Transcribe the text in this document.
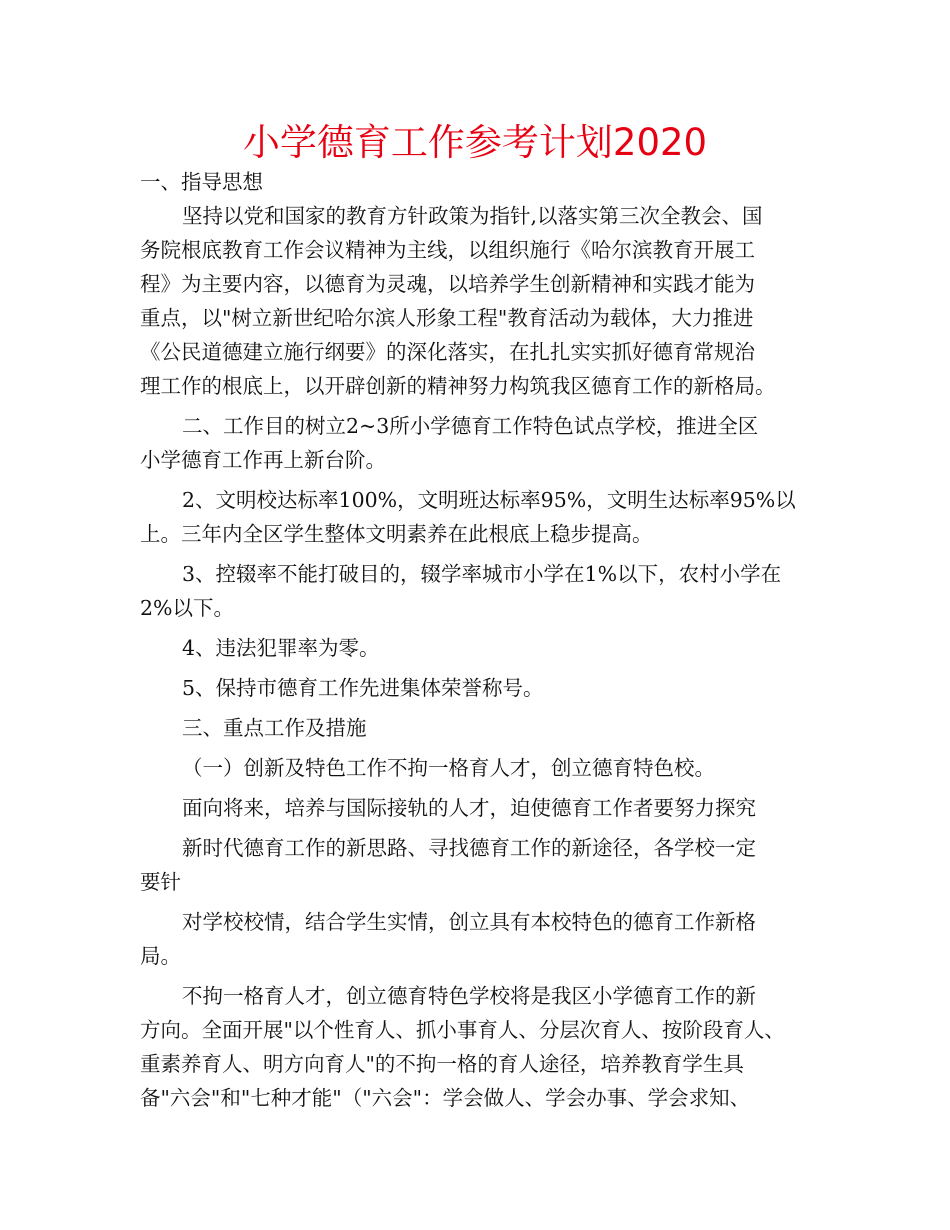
小学德育工作参考计划2020
一、指导思想
坚持以党和国家的教育方针政策为指针,以落实第三次全教会、国
务院根底教育工作会议精神为主线，以组织施行《哈尔滨教育开展工
程》为主要内容，以德育为灵魂，以培养学生创新精神和实践才能为
重点，以"树立新世纪哈尔滨人形象工程"教育活动为载体，大力推进
《公民道德建立施行纲要》的深化落实，在扎扎实实抓好德育常规治
理工作的根底上，以开辟创新的精神努力构筑我区德育工作的新格局。
二、工作目的树立2~3所小学德育工作特色试点学校，推进全区
小学德育工作再上新台阶。
2、文明校达标率100%，文明班达标率95%，文明生达标率95%以
上。三年内全区学生整体文明素养在此根底上稳步提高。
3、控辍率不能打破目的，辍学率城市小学在1%以下，农村小学在
2%以下。
4、违法犯罪率为零。
5、保持市德育工作先进集体荣誉称号。
三、重点工作及措施
（一）创新及特色工作不拘一格育人才，创立德育特色校。
面向将来，培养与国际接轨的人才，迫使德育工作者要努力探究
新时代德育工作的新思路、寻找德育工作的新途径，各学校一定
要针
对学校校情，结合学生实情，创立具有本校特色的德育工作新格
局。
不拘一格育人才，创立德育特色学校将是我区小学德育工作的新
方向。全面开展"以个性育人、抓小事育人、分层次育人、按阶段育人、
重素养育人、明方向育人"的不拘一格的育人途径，培养教育学生具
备"六会"和"七种才能"（"六会"：学会做人、学会办事、学会求知、
